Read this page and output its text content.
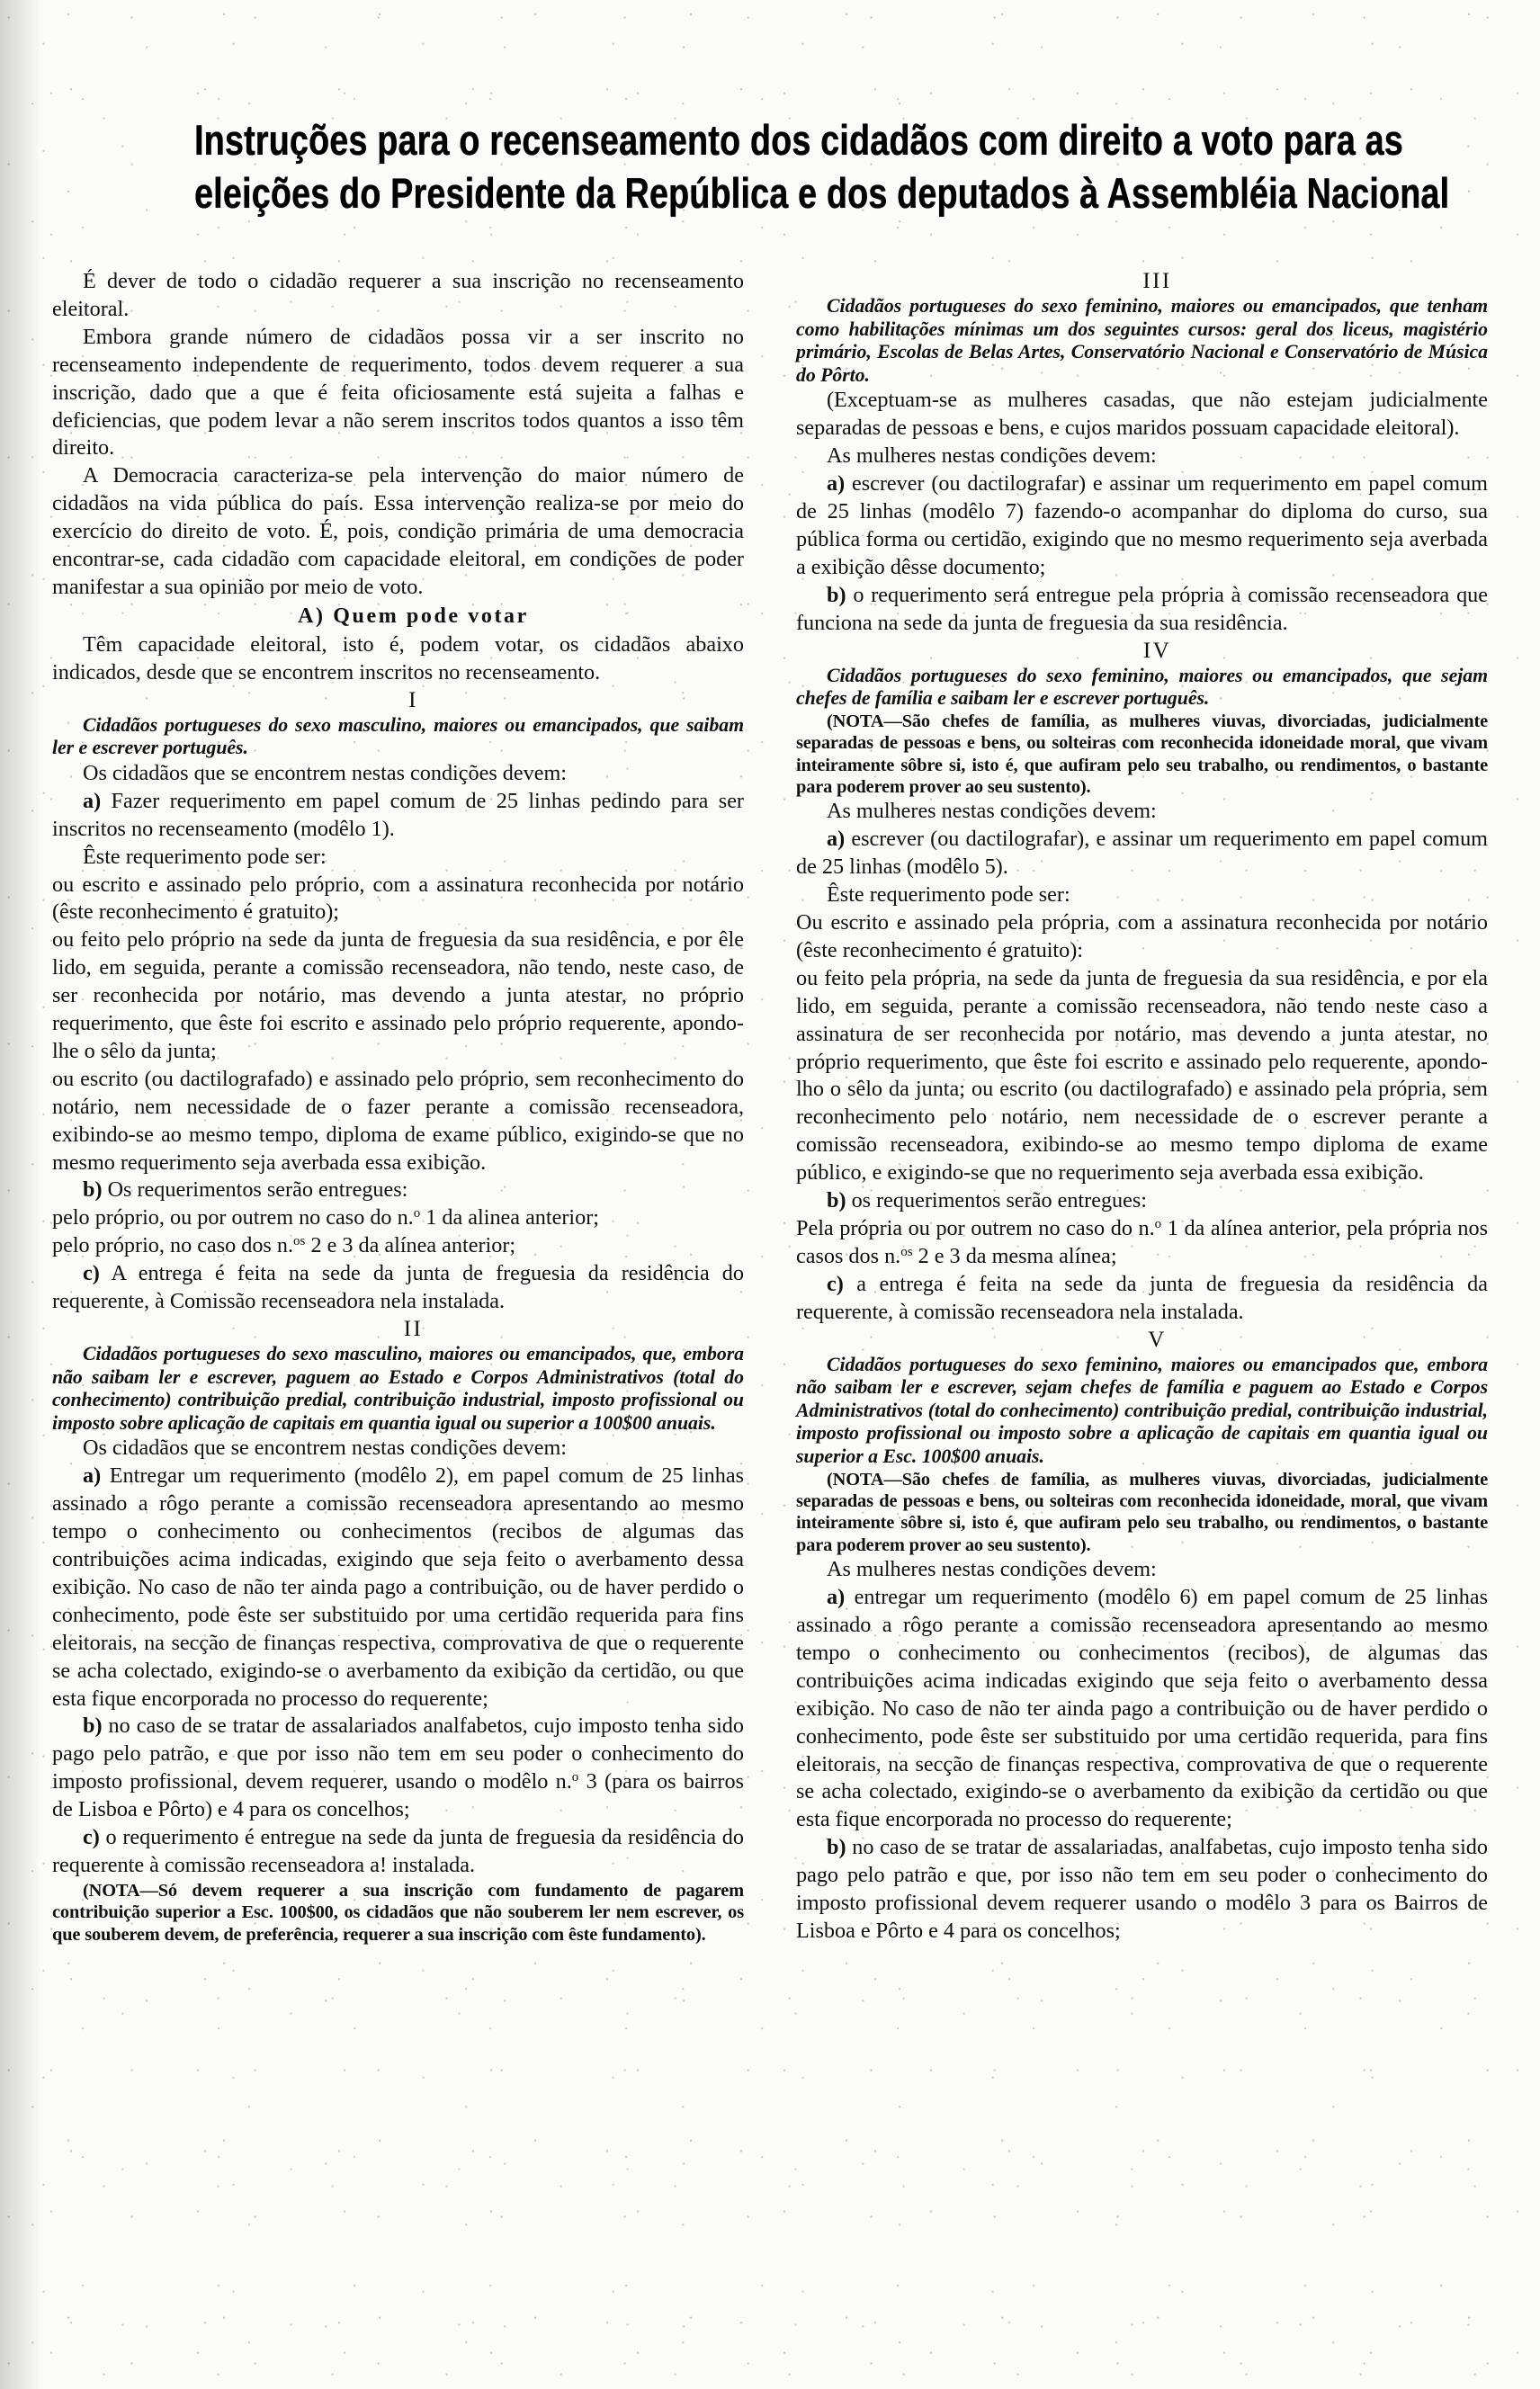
Instruções para o recenseamento dos cidadãos com direito a voto para as
eleições do Presidente da República e dos deputados à Assembléia Nacional

É dever de todo o cidadão requerer a sua inscrição no recenseamento eleitoral.

Embora grande número de cidadãos possa vir a ser inscrito no recenseamento independente de requerimento, todos devem requerer a sua inscrição, dado que a que é feita oficiosamente está sujeita a falhas e deficiencias, que podem levar a não serem inscritos todos quantos a isso têm direito.

A Democracia caracteriza-se pela intervenção do maior número de cidadãos na vida pública do país. Essa intervenção realiza-se por meio do exercício do direito de voto. É, pois, condição primária de uma democracia encontrar-se, cada cidadão com capacidade eleitoral, em condições de poder manifestar a sua opinião por meio de voto.

A) Quem pode votar

Têm capacidade eleitoral, isto é, podem votar, os cidadãos abaixo indicados, desde que se encontrem inscritos no recenseamento.

I

Cidadãos portugueses do sexo masculino, maiores ou emancipados, que saibam ler e escrever português.

Os cidadãos que se encontrem nestas condições devem:

a) Fazer requerimento em papel comum de 25 linhas pedindo para ser inscritos no recenseamento (modêlo 1).

Êste requerimento pode ser:

ou escrito e assinado pelo próprio, com a assinatura reconhecida por notário (êste reconhecimento é gratuito);

ou feito pelo próprio na sede da junta de freguesia da sua residência, e por êle lido, em seguida, perante a comissão recenseadora, não tendo, neste caso, de ser reconhecida por notário, mas devendo a junta atestar, no próprio requerimento, que êste foi escrito e assinado pelo próprio requerente, apondo-lhe o sêlo da junta;

ou escrito (ou dactilografado) e assinado pelo próprio, sem reconhecimento do notário, nem necessidade de o fazer perante a comissão recenseadora, exibindo-se ao mesmo tempo, diploma de exame público, exigindo-se que no mesmo requerimento seja averbada essa exibição.

b) Os requerimentos serão entregues:

pelo próprio, ou por outrem no caso do n.$^o$ 1 da alinea anterior;

pelo próprio, no caso dos n.$^{os}$ 2 e 3 da alínea anterior;

c) A entrega é feita na sede da junta de freguesia da residência do requerente, à Comissão recenseadora nela instalada.

II

Cidadãos portugueses do sexo masculino, maiores ou emancipados, que, embora não saibam ler e escrever, paguem ao Estado e Corpos Administrativos (total do conhecimento) contribuição predial, contribuição industrial, imposto profissional ou imposto sobre aplicação de capitais em quantia igual ou superior a 100$00 anuais.

Os cidadãos que se encontrem nestas condições devem:

a) Entregar um requerimento (modêlo 2), em papel comum de 25 linhas assinado a rôgo perante a comissão recenseadora apresentando ao mesmo tempo o conhecimento ou conhecimentos (recibos de algumas das contribuições acima indicadas, exigindo que seja feito o averbamento dessa exibição. No caso de não ter ainda pago a contribuição, ou de haver perdido o conhecimento, pode êste ser substituido por uma certidão requerida para fins eleitorais, na secção de finanças respectiva, comprovativa de que o requerente se acha colectado, exigindo-se o averbamento da exibição da certidão, ou que esta fique encorporada no processo do requerente;

b) no caso de se tratar de assalariados analfabetos, cujo imposto tenha sido pago pelo patrão, e que por isso não tem em seu poder o conhecimento do imposto profissional, devem requerer, usando o modêlo n.$^o$ 3 (para os bairros de Lisboa e Pôrto) e 4 para os concelhos;

c) o requerimento é entregue na sede da junta de freguesia da residência do requerente à comissão recenseadora a! instalada.

(NOTA—Só devem requerer a sua inscrição com fundamento de pagarem contribuição superior a Esc. 100$00, os cidadãos que não souberem ler nem escrever, os que souberem devem, de preferência, requerer a sua inscrição com êste fundamento).

III

Cidadãos portugueses do sexo feminino, maiores ou emancipados, que tenham como habilitações mínimas um dos seguintes cursos: geral dos liceus, magistério primário, Escolas de Belas Artes, Conservatório Nacional e Conservatório de Música do Pôrto.

(Exceptuam-se as mulheres casadas, que não estejam judicialmente separadas de pessoas e bens, e cujos maridos possuam capacidade eleitoral).

As mulheres nestas condições devem:

a) escrever (ou dactilografar) e assinar um requerimento em papel comum de 25 linhas (modêlo 7) fazendo-o acompanhar do diploma do curso, sua pública forma ou certidão, exigindo que no mesmo requerimento seja averbada a exibição dêsse documento;

b) o requerimento será entregue pela própria à comissão recenseadora que funciona na sede da junta de freguesia da sua residência.

IV

Cidadãos portugueses do sexo feminino, maiores ou emancipados, que sejam chefes de família e saibam ler e escrever português.

(NOTA—São chefes de família, as mulheres viuvas, divorciadas, judicialmente separadas de pessoas e bens, ou solteiras com reconhecida idoneidade moral, que vivam inteiramente sôbre si, isto é, que aufiram pelo seu trabalho, ou rendimentos, o bastante para poderem prover ao seu sustento).

As mulheres nestas condições devem:

a) escrever (ou dactilografar), e assinar um requerimento em papel comum de 25 linhas (modêlo 5).

Êste requerimento pode ser:

Ou escrito e assinado pela própria, com a assinatura reconhecida por notário (êste reconhecimento é gratuito):

ou feito pela própria, na sede da junta de freguesia da sua residência, e por ela lido, em seguida, perante a comissão recenseadora, não tendo neste caso a assinatura de ser reconhecida por notário, mas devendo a junta atestar, no próprio requerimento, que êste foi escrito e assinado pelo requerente, apondo-lho o sêlo da junta; ou escrito (ou dactilografado) e assinado pela própria, sem reconhecimento pelo notário, nem necessidade de o escrever perante a comissão recenseadora, exibindo-se ao mesmo tempo diploma de exame público, e exigindo-se que no requerimento seja averbada essa exibição.

b) os requerimentos serão entregues:

Pela própria ou por outrem no caso do n.$^o$ 1 da alínea anterior, pela própria nos casos dos n.$^{os}$ 2 e 3 da mesma alínea;

c) a entrega é feita na sede da junta de freguesia da residência da requerente, à comissão recenseadora nela instalada.

V

Cidadãos portugueses do sexo feminino, maiores ou emancipados que, embora não saibam ler e escrever, sejam chefes de família e paguem ao Estado e Corpos Administrativos (total do conhecimento) contribuição predial, contribuição industrial, imposto profissional ou imposto sobre a aplicação de capitais em quantia igual ou superior a Esc. 100$00 anuais.

(NOTA—São chefes de família, as mulheres viuvas, divorciadas, judicialmente separadas de pessoas e bens, ou solteiras com reconhecida idoneidade, moral, que vivam inteiramente sôbre si, isto é, que aufiram pelo seu trabalho, ou rendimentos, o bastante para poderem prover ao seu sustento).

As mulheres nestas condições devem:

a) entregar um requerimento (modêlo 6) em papel comum de 25 linhas assinado a rôgo perante a comissão recenseadora apresentando ao mesmo tempo o conhecimento ou conhecimentos (recibos), de algumas das contribuições acima indicadas exigindo que seja feito o averbamento dessa exibição. No caso de não ter ainda pago a contribuição ou de haver perdido o conhecimento, pode êste ser substituido por uma certidão requerida, para fins eleitorais, na secção de finanças respectiva, comprovativa de que o requerente se acha colectado, exigindo-se o averbamento da exibição da certidão ou que esta fique encorporada no processo do requerente;

b) no caso de se tratar de assalariadas, analfabetas, cujo imposto tenha sido pago pelo patrão e que, por isso não tem em seu poder o conhecimento do imposto profissional devem requerer usando o modêlo 3 para os Bairros de Lisboa e Pôrto e 4 para os concelhos;
